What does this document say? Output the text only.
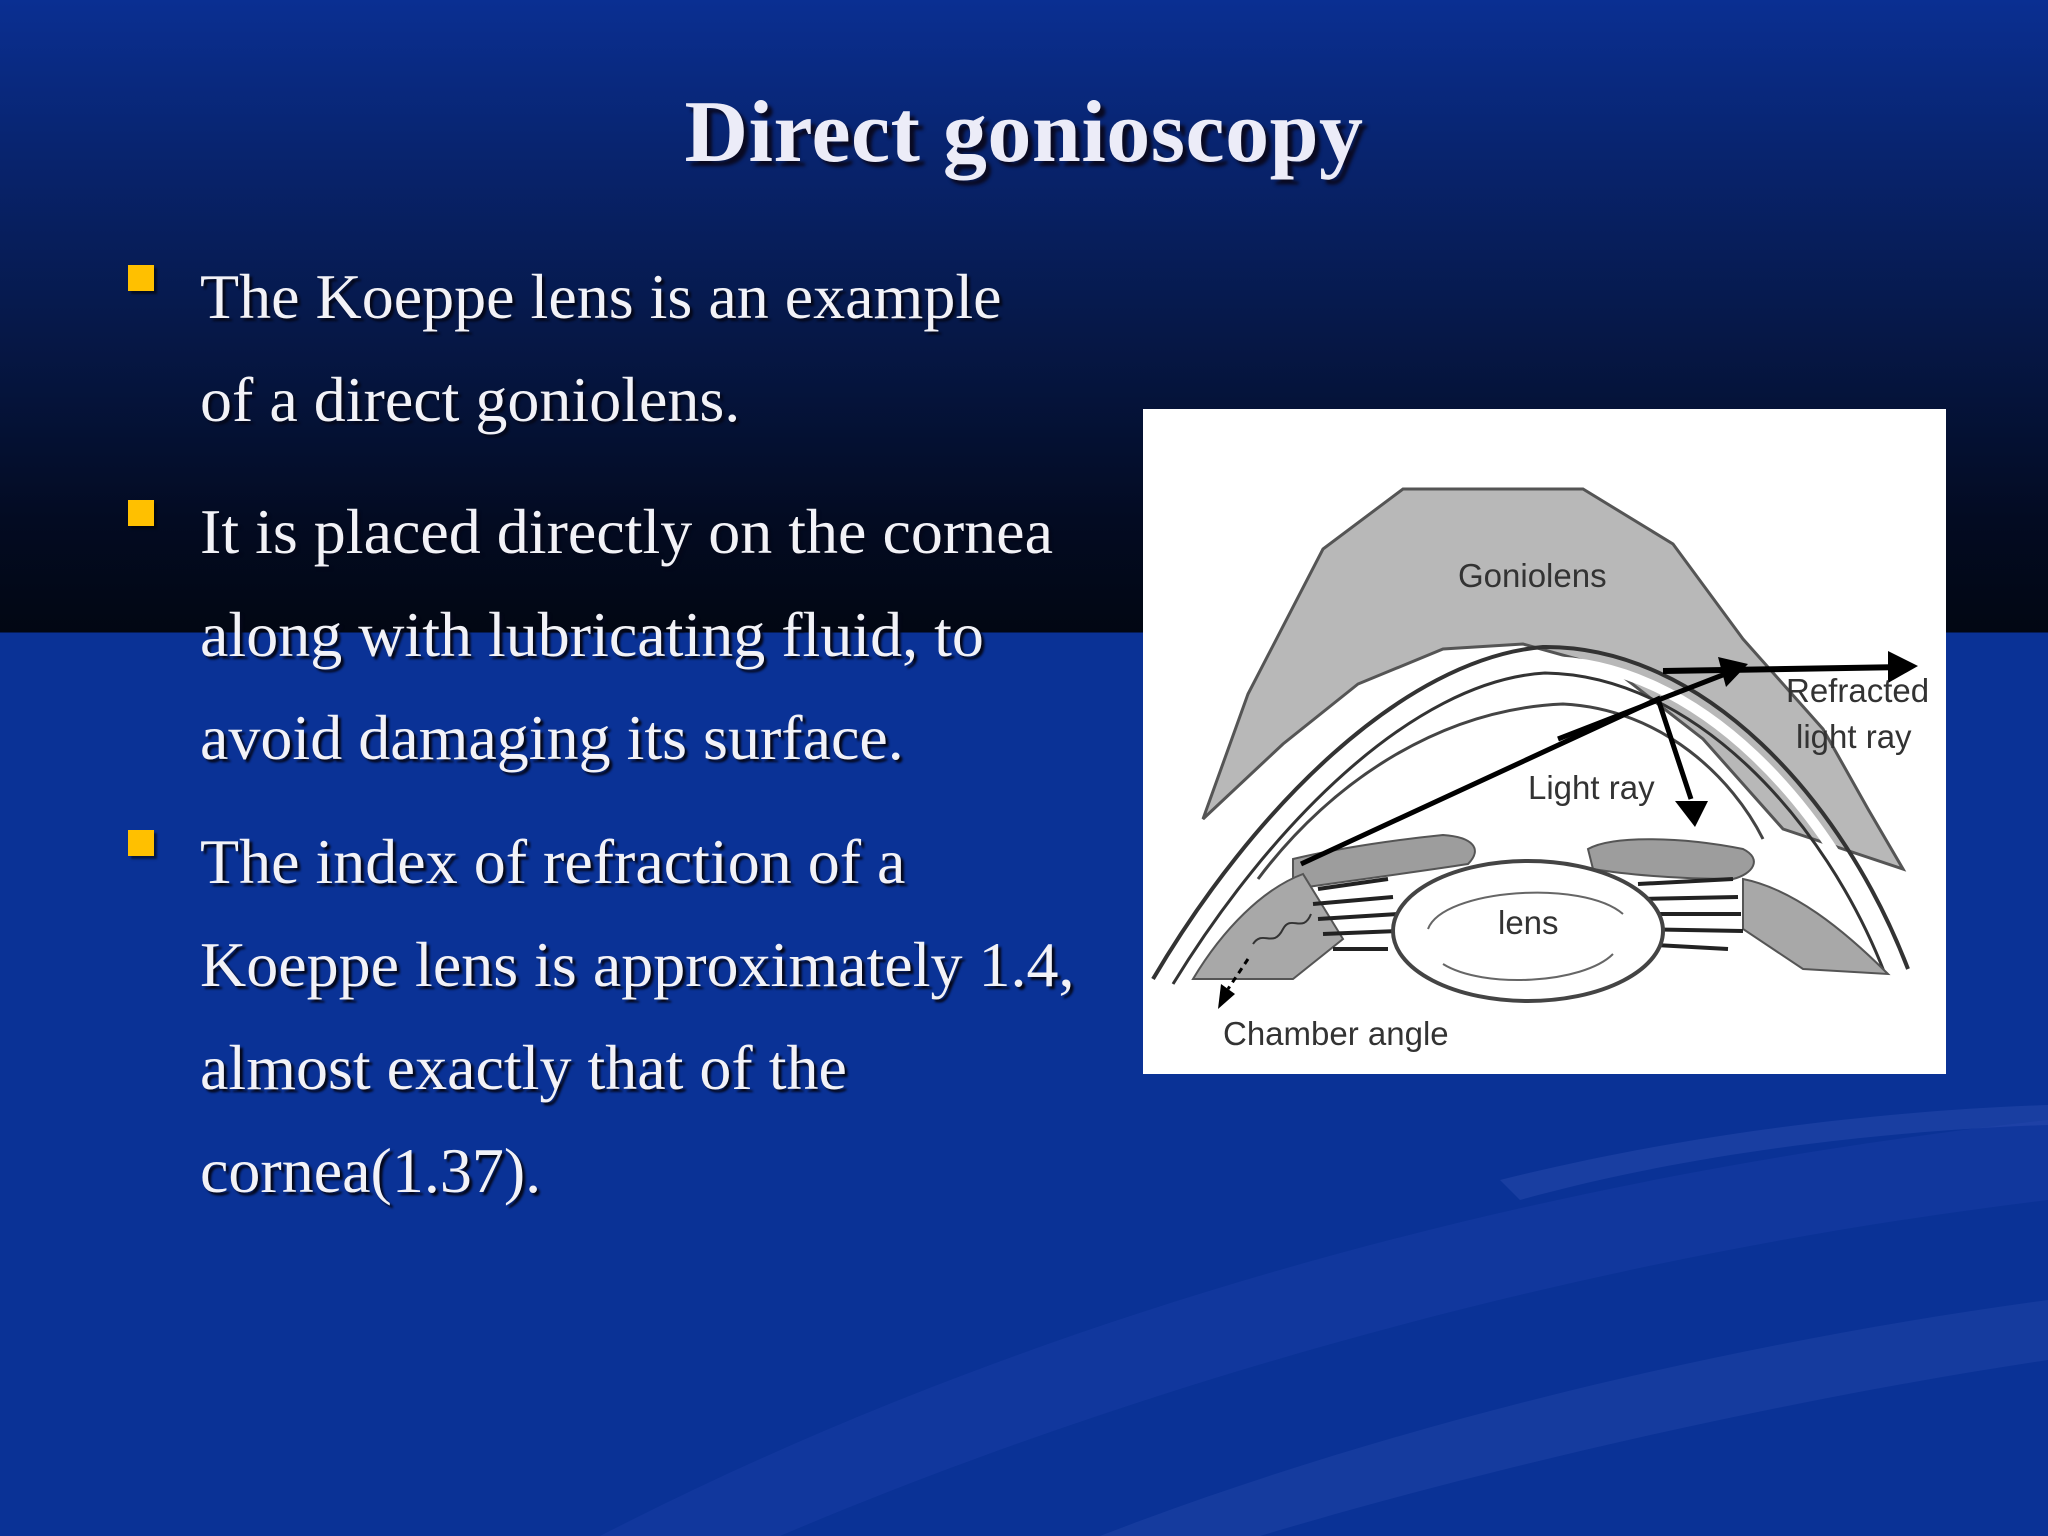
Direct gonioscopy
The Koeppe lens is an example
of a direct goniolens.
It is placed directly on the cornea
along with lubricating fluid, to
avoid damaging its surface.
The index of refraction of a
Koeppe lens is approximately 1.4,
almost exactly that of the
cornea(1.37).
Goniolens
Refracted
light ray
Light ray
lens
Chamber angle
